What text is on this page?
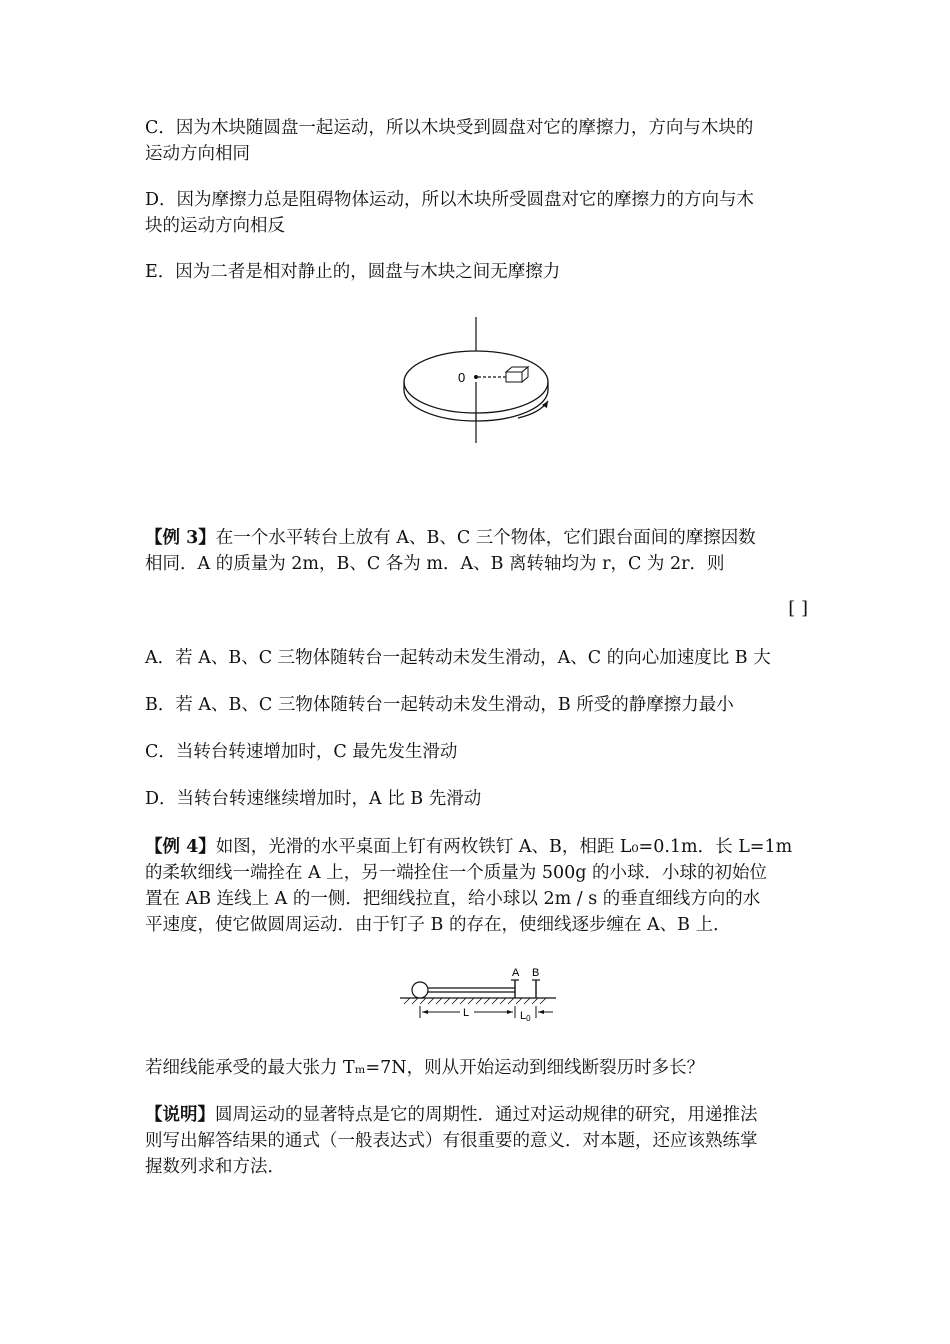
C．因为木块随圆盘一起运动，所以木块受到圆盘对它的摩擦力，方向与木块的
运动方向相同

D．因为摩擦力总是阻碍物体运动，所以木块所受圆盘对它的摩擦力的方向与木
块的运动方向相反

E．因为二者是相对静止的，圆盘与木块之间无摩擦力

0

【例 3】在一个水平转台上放有 A、B、C 三个物体，它们跟台面间的摩擦因数
相同．A 的质量为 2m，B、C 各为 m．A、B 离转轴均为 r，C 为 2r．则

[ ]

A．若 A、B、C 三物体随转台一起转动未发生滑动，A、C 的向心加速度比 B 大

B．若 A、B、C 三物体随转台一起转动未发生滑动，B 所受的静摩擦力最小

C．当转台转速增加时，C 最先发生滑动

D．当转台转速继续增加时，A 比 B 先滑动

【例 4】如图，光滑的水平桌面上钉有两枚铁钉 A、B，相距 L₀=0.1m．长 L=1m
的柔软细线一端拴在 A 上，另一端拴住一个质量为 500g 的小球．小球的初始位
置在 AB 连线上 A 的一侧．把细线拉直，给小球以 2m / s 的垂直细线方向的水
平速度，使它做圆周运动．由于钉子 B 的存在，使细线逐步缠在 A、B 上．

A B
L	L0

若细线能承受的最大张力 Tₘ=7N，则从开始运动到细线断裂历时多长？

【说明】圆周运动的显著特点是它的周期性．通过对运动规律的研究，用递推法
则写出解答结果的通式（一般表达式）有很重要的意义．对本题，还应该熟练掌
握数列求和方法．
